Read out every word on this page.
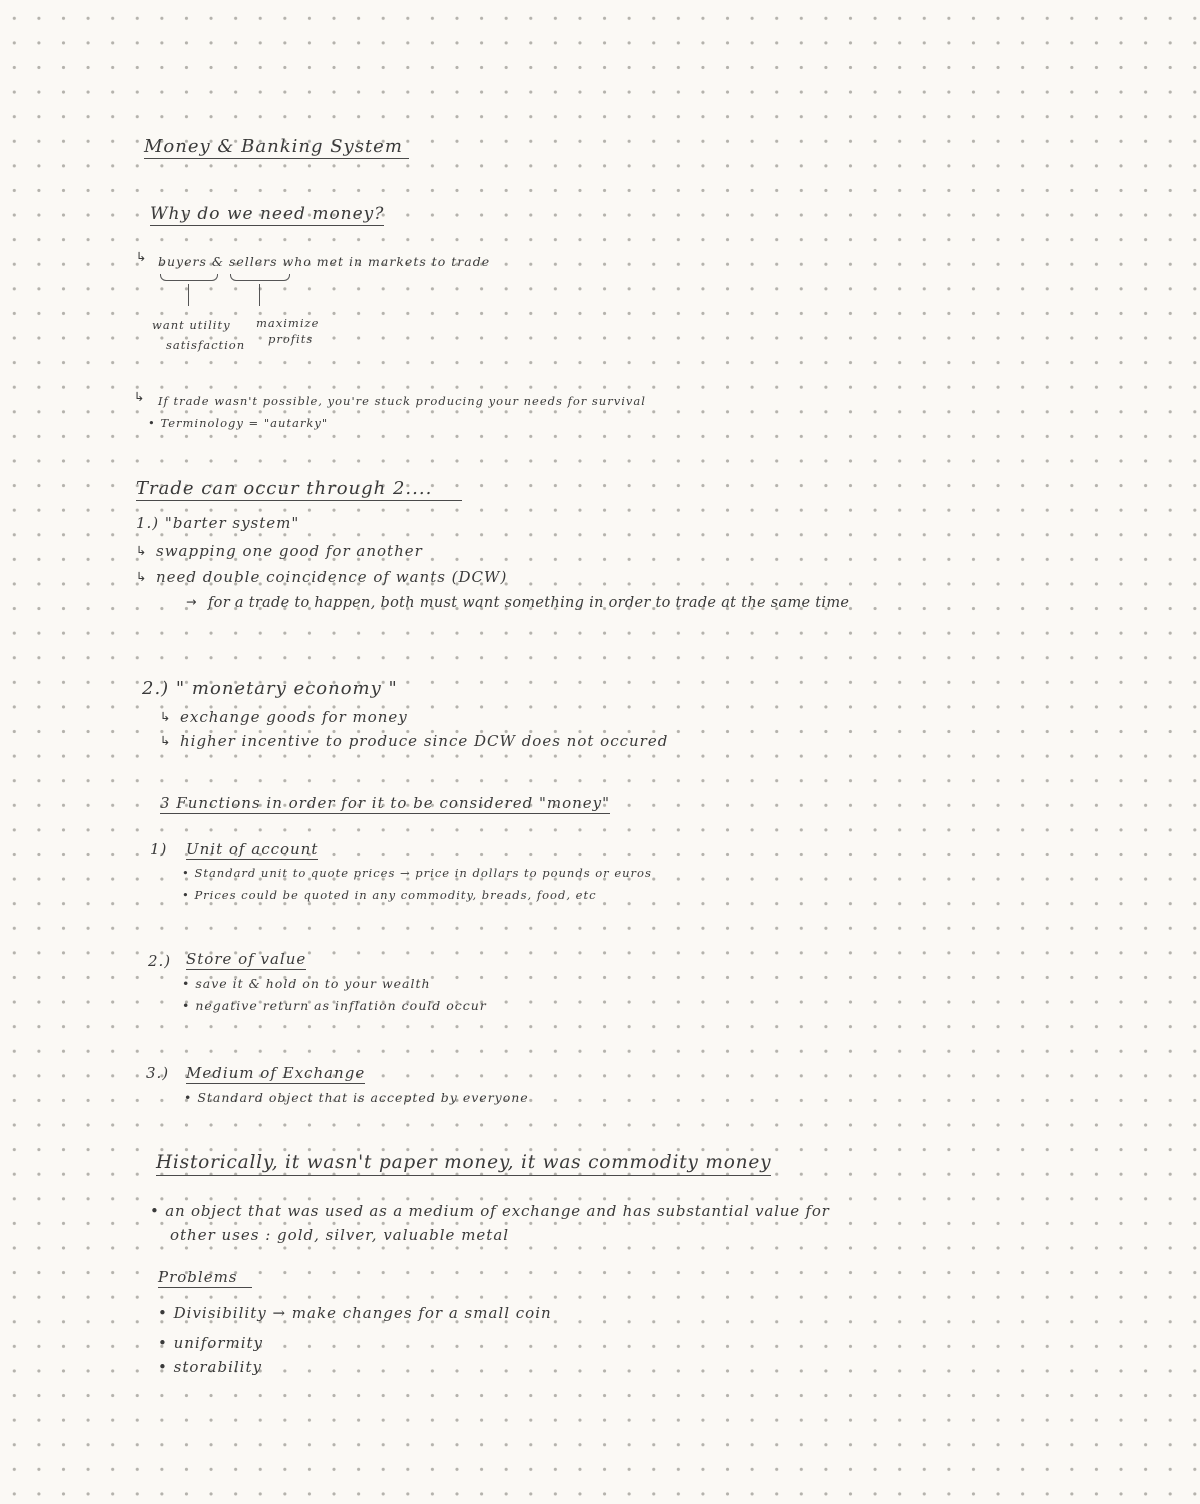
Money & Banking System
Why do we need money?
↳ buyers & sellers who met in markets to trade
want utility
satisfaction
maximize
profits
↳ If trade wasn't possible, you're stuck producing your needs for survival
• Terminology = "autarky"
Trade can occur through 2....
1.) "barter system"
↳ swapping one good for another
↳ need double coincidence of wants (DCW)
→ for a trade to happen, both must want something in order to trade at the same time
2.) " monetary economy "
↳ exchange goods for money
↳ higher incentive to produce since DCW does not occured
3 Functions in order for it to be considered "money"
1) Unit of account
• Standard unit to quote prices → price in dollars to pounds or euros
• Prices could be quoted in any commodity, breads, food, etc
2.) Store of value
• save it & hold on to your wealth
• negative return as inflation could occur
3.) Medium of Exchange
• Standard object that is accepted by everyone
Historically, it wasn't paper money, it was commodity money
• an object that was used as a medium of exchange and has substantial value for
other uses : gold, silver, valuable metal
Problems
• Divisibility → make changes for a small coin
• uniformity
• storability
